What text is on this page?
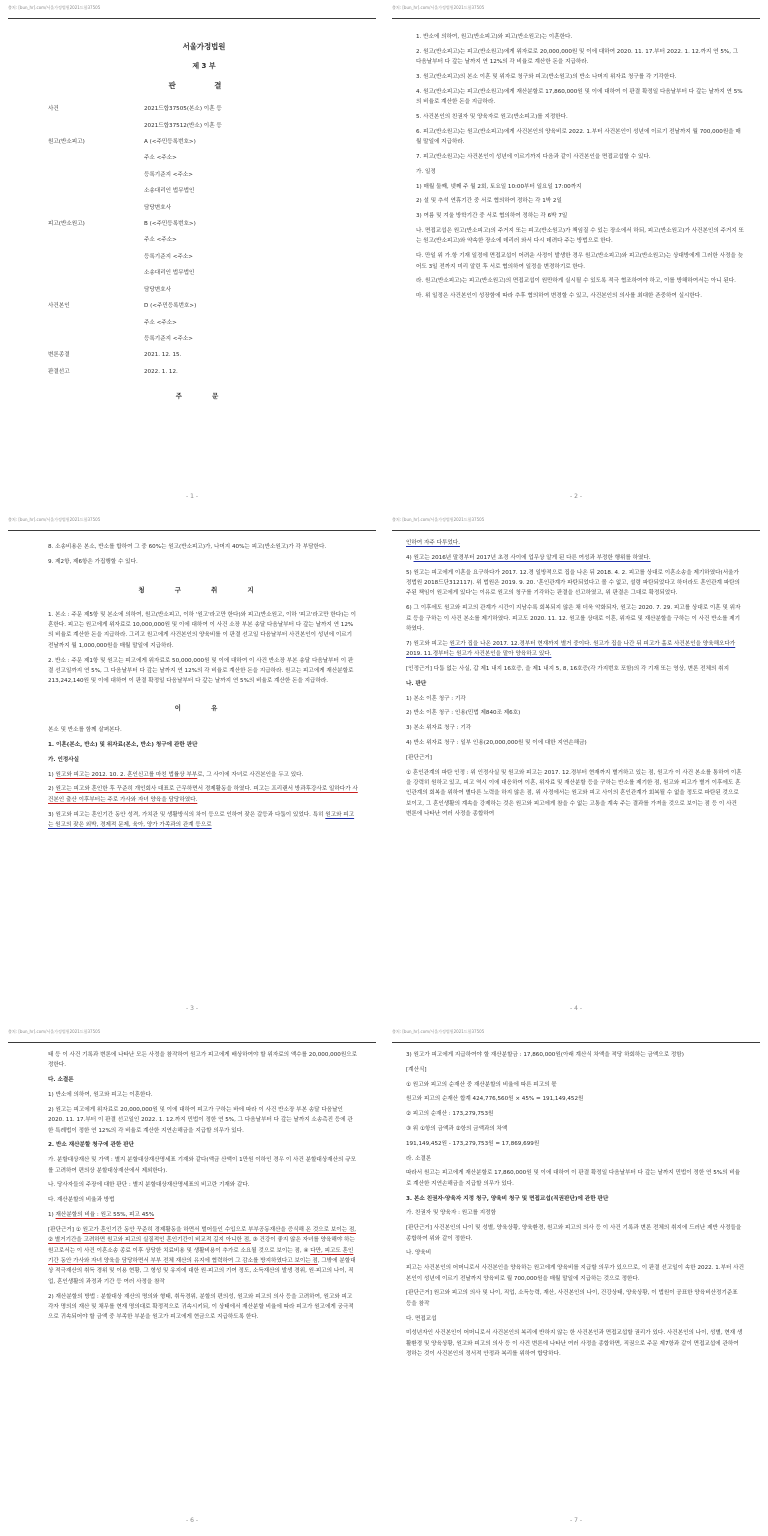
출처: [bun_hr].com/서울가정법원2021드합37505
서울가정법원
제 3 부
판 결
사건	2021드합37505(본소) 이혼 등
2021드합37512(반소) 이혼 등
원고(반소피고)	A (<주민등록번호>)
주소 <주소>
등록기준지 <주소>
소송대리인 법무법인
담당변호사
피고(반소원고)	B (<주민등록번호>)
주소 <주소>
등록기준지 <주소>
소송대리인 법무법인
담당변호사
사건본인	D (<주민등록번호>)
주소 <주소>
등록기준지 <주소>
변론종결	2021. 12. 15.
판결선고	2022. 1. 12.
주 문
- 1 -
출처: [bun_hr].com/서울가정법원2021드합37505

1. 반소에 의하여, 원고(반소피고)와 피고(반소원고)는 이혼한다.

2. 원고(반소피고)는 피고(반소원고)에게 위자료로 20,000,000원 및 이에 대하여 2020. 11. 17.부터 2022. 1. 12.까지 연 5%, 그 다음날부터 다 갚는 날까지 연 12%의 각 비율로 계산한 돈을 지급하라.

3. 원고(반소피고)의 본소 이혼 및 위자료 청구와 피고(반소원고)의 반소 나머지 위자료 청구를 각 기각한다.

4. 원고(반소피고)는 피고(반소원고)에게 재산분할로 17,860,000원 및 이에 대하여 이 판결 확정일 다음날부터 다 갚는 날까지 연 5%의 비율로 계산한 돈을 지급하라.

5. 사건본인의 친권자 및 양육자로 원고(반소피고)를 지정한다.

6. 피고(반소원고)는 원고(반소피고)에게 사건본인의 양육비로 2022. 1.부터 사건본인이 성년에 이르기 전날까지 월 700,000원을 매월 말일에 지급하라.

7. 피고(반소원고)는 사건본인이 성년에 이르기까지 다음과 같이 사건본인을 면접교섭할 수 있다.

가. 일정

1) 매월 둘째, 넷째 주 월 2회, 토요일 10:00부터 일요일 17:00까지

2) 설 및 추석 연휴기간 중 서로 협의하여 정하는 각 1박 2일

3) 여름 및 겨울 방학기간 중 서로 협의하여 정하는 각 6박 7일

나. 면접교섭은 원고(반소피고)의 주거지 또는 피고(반소원고)가 책임질 수 있는 장소에서 하되, 피고(반소원고)가 사건본인의 주거지 또는 원고(반소피고)와 약속한 장소에 데리러 와서 다시 데려다 주는 방법으로 한다.

다. 만일 위 가.항 기재 일정에 면접교섭이 어려운 사정이 발생한 경우 원고(반소피고)와 피고(반소원고)는 상대방에게 그러한 사정을 늦어도 3일 전까지 미리 알린 후 서로 협의하여 일정을 변경하기로 한다.

라. 원고(반소피고)는 피고(반소원고)의 면접교섭이 원만하게 실시될 수 있도록 적극 협조하여야 하고, 이를 방해하여서는 아니 된다.

마. 위 일정은 사건본인이 성장함에 따라 추후 협의하여 변경할 수 있고, 사건본인의 의사를 최대한 존중하여 실시한다.

- 2 -
출처: [bun_hr].com/서울가정법원2021드합37505

8. 소송비용은 본소, 반소를 합하여 그 중 60%는 원고(반소피고)가, 나머지 40%는 피고(반소원고)가 각 부담한다.

9. 제2항, 제6항은 가집행할 수 있다.

청 구 취 지

1. 본소 : 주문 제5항 및 본소에 의하여, 원고(반소피고, 이하 '원고'라고만 한다)와 피고(반소원고, 이하 '피고'라고만 한다)는 이혼한다. 피고는 원고에게 위자료로 10,000,000원 및 이에 대하여 이 사건 소장 부본 송달 다음날부터 다 갚는 날까지 연 12%의 비율로 계산한 돈을 지급하라. 그리고 원고에게 사건본인의 양육비를 이 판결 선고일 다음날부터 사건본인이 성년에 이르기 전날까지 월 1,000,000원을 매월 말일에 지급하라.

2. 반소 : 주문 제1항 및 원고는 피고에게 위자료로 50,000,000원 및 이에 대하여 이 사건 반소장 부본 송달 다음날부터 이 판결 선고일까지 연 5%, 그 다음날부터 다 갚는 날까지 연 12%의 각 비율로 계산한 돈을 지급하라. 원고는 피고에게 재산분할로 213,242,140원 및 이에 대하여 이 판결 확정일 다음날부터 다 갚는 날까지 연 5%의 비율로 계산한 돈을 지급하라.

이 유

본소 및 반소를 함께 살펴본다.

1. 이혼(본소, 반소) 및 위자료(본소, 반소) 청구에 관한 판단

가. 인정사실

1) 원고와 피고는 2012. 10. 2. 혼인신고를 마친 법률상 부부로, 그 사이에 자녀로 사건본인을 두고 있다.

2) 원고는 피고와 혼인한 후 꾸준히 개인회사 대표로 근무하면서 경제활동을 하였다. 피고는 프리랜서 방과후강사로 일하다가 사건본인 출산 이후부터는 주로 가사와 자녀 양육을 담당하였다.

3) 원고와 피고는 혼인기간 동안 성격, 가치관 및 생활방식의 차이 등으로 인하여 잦은 갈등과 다툼이 있었다. 특히 원고와 피고는 원고의 잦은 외박, 경제적 문제, 육아, 양가 가족과의 관계 등으로

- 3 -
출처: [bun_hr].com/서울가정법원2021드합37505

인하여 자주 다투었다.

4) 원고는 2016년 말경부터 2017년 초경 사이에 업무상 알게 된 다른 여성과 부정한 행위를 하였다.

5) 원고는 피고에게 이혼을 요구하다가 2017. 12.경 일방적으로 집을 나온 뒤 2018. 4. 2. 피고를 상대로 이혼소송을 제기하였다(서울가정법원 2018드단312117). 위 법원은 2019. 9. 20. '혼인관계가 파탄되었다고 볼 수 없고, 설령 파탄되었다고 하더라도 혼인관계 파탄의 주된 책임이 원고에게 있다'는 이유로 원고의 청구를 기각하는 판결을 선고하였고, 위 판결은 그대로 확정되었다.

6) 그 이후에도 원고와 피고의 관계가 시간이 지남수록 회복되지 않은 채 더욱 악화되자, 원고는 2020. 7. 29. 피고를 상대로 이혼 및 위자료 등을 구하는 이 사건 본소를 제기하였다. 피고도 2020. 11. 12. 원고를 상대로 이혼, 위자료 및 재산분할을 구하는 이 사건 반소를 제기하였다.

7) 원고와 피고는 원고가 집을 나온 2017. 12.경부터 현재까지 별거 중이다. 원고가 집을 나간 뒤 피고가 홀로 사건본인을 양육해오다가 2019. 11.경부터는 원고가 사건본인을 맡아 양육하고 있다.

[인정근거] 다툼 없는 사실, 갑 제1 내지 16호증, 을 제1 내지 5, 8, 16호증(각 가지번호 포함)의 각 기재 또는 영상, 변론 전체의 취지

나. 판단

1) 본소 이혼 청구 : 기각

2) 반소 이혼 청구 : 인용(민법 제840조 제6호)

3) 본소 위자료 청구 : 기각

4) 반소 위자료 청구 : 일부 인용(20,000,000원 및 이에 대한 지연손해금)

[판단근거]

① 혼인관계의 파탄 인정 : 위 인정사실 및 원고와 피고는 2017. 12.경부터 현재까지 별거하고 있는 점, 원고가 이 사건 본소를 통하여 이혼을 강력히 원하고 있고, 피고 역시 이에 대응하여 이혼, 위자료 및 재산분할 등을 구하는 반소를 제기한 점, 원고와 피고가 별거 이후에도 혼인관계의 회복을 위하여 별다른 노력을 하지 않은 점, 위 사정에서는 원고와 피고 사이의 혼인관계가 회복될 수 없을 정도로 파탄된 것으로 보이고, 그 혼인생활의 계속을 강제하는 것은 원고와 피고에게 참을 수 없는 고통을 계속 주는 결과를 가져올 것으로 보이는 점 등 이 사건 변론에 나타난 여러 사정을 종합하여

- 4 -
출처: [bun_hr].com/서울가정법원2021드합37505

태 등 이 사건 기록과 변론에 나타난 모든 사정을 참작하여 원고가 피고에게 배상하여야 할 위자료의 액수를 20,000,000원으로 정한다.

다. 소결론

1) 반소에 의하여, 원고와 피고는 이혼한다.

2) 원고는 피고에게 위자료로 20,000,000원 및 이에 대하여 피고가 구하는 바에 따라 이 사건 반소장 부본 송달 다음날인 2020. 11. 17.부터 이 판결 선고일인 2022. 1. 12.까지 민법이 정한 연 5%, 그 다음날부터 다 갚는 날까지 소송촉진 등에 관한 특례법이 정한 연 12%의 각 비율로 계산한 지연손해금을 지급할 의무가 있다.

2. 반소 재산분할 청구에 관한 판단

가. 분할대상재산 및 가액 : 별지 분할대상재산명세표 기재와 같다(액금 산액이 1만원 이하인 경우 이 사건 분할대상재산의 규모를 고려하여 편의상 분할대상재산에서 제외한다).

나. 당사자들의 주장에 대한 판단 : 별지 분할대상재산명세표의 비고란 기재와 같다.

다. 재산분할의 비율과 방법

1) 재산분할의 비율 : 원고 55%, 피고 45%

[판단근거] ① 원고가 혼인기간 동안 꾸준히 경제활동을 하면서 벌어들인 수입으로 부부공동재산을 증식해 온 것으로 보이는 점, ② 별거기간을 고려하면 원고와 피고의 실질적인 혼인기간이 비교적 길지 아니한 점, ③ 건강이 좋지 않은 자녀를 양육해야 하는 원고로서는 이 사건 이혼소송 종료 이후 상당한 치료비용 및 생활비용이 추가로 소요될 것으로 보이는 점, ④ 다만, 피고도 혼인기간 동안 가사와 자녀 양육을 담당하면서 부부 전체 재산의 유지에 협력하여 그 감소를 방지하였다고 보이는 점, 그밖에 분할대상 적극재산의 취득 경위 및 이용 현황, 그 형성 및 유지에 대한 원·피고의 기여 정도, 소득재산의 발생 경위, 원·피고의 나이, 직업, 혼인생활의 과정과 기간 등 여러 사정을 참작

2) 재산분할의 방법 : 분할대상 재산의 명의와 형태, 취득경위, 분할의 편의성, 원고와 피고의 의사 등을 고려하여, 원고와 피고 각자 명의의 재산 및 채무를 현재 명의대로 확정적으로 귀속시키되, 이 상태에서 재산분할 비율에 따라 피고가 원고에게 궁극적으로 귀속되어야 할 금액 중 부족한 부분을 원고가 피고에게 현금으로 지급하도록 한다.

- 6 -
출처: [bun_hr].com/서울가정법원2021드합37505

3) 원고가 피고에게 지급하여야 할 재산분할금 : 17,860,000원(아래 계산식 차액을 적당 하회하는 금액으로 정함)

[계산식]

① 원고와 피고의 순재산 중 재산분할의 비율에 따른 피고의 몫

원고와 피고의 순재산 합계 424,776,560원 × 45% = 191,149,452원

② 피고의 순재산 : 173,279,753원

③ 위 ①항의 금액과 ②항의 금액과의 차액

191,149,452원 - 173,279,753원 = 17,869,699원

라. 소결론

따라서 원고는 피고에게 재산분할로 17,860,000원 및 이에 대하여 이 판결 확정일 다음날부터 다 갚는 날까지 민법이 정한 연 5%의 비율로 계산한 지연손해금을 지급할 의무가 있다.

3. 본소 친권자·양육자 지정 청구, 양육비 청구 및 면접교섭(직권판단)에 관한 판단

가. 친권자 및 양육자 : 원고를 지정함

[판단근거] 사건본인의 나이 및 성별, 양육상황, 양육환경, 원고와 피고의 의사 등 이 사건 기록과 변론 전체의 취지에 드러난 제반 사정들을 종합하여 위와 같이 정한다.

나. 양육비

피고는 사건본인의 어머니로서 사건본인을 양육하는 원고에게 양육비를 지급할 의무가 있으므로, 이 판결 선고일이 속한 2022. 1.부터 사건본인이 성년에 이르기 전날까지 양육비로 월 700,000원을 매월 말일에 지급하는 것으로 정한다.

[판단근거] 원고와 피고의 의사 및 나이, 직업, 소득능력, 재산, 사건본인의 나이, 건강상태, 양육상황, 이 법원이 공표한 양육비산정기준표 등을 참작

다. 면접교섭

미성년자인 사건본인이 어머니로서 사건본인의 복리에 반하지 않는 한 사건본인과 면접교섭할 권리가 있다. 사건본인의 나이, 성별, 현재 생활환경 및 양육상황, 원고와 피고의 의사 등 이 사건 변론에 나타난 여러 사정을 종합하면, 직권으로 주문 제7항과 같이 면접교섭에 관하여 정하는 것이 사건본인의 정서적 안정과 복리를 위하여 합당하다.

- 7 -
